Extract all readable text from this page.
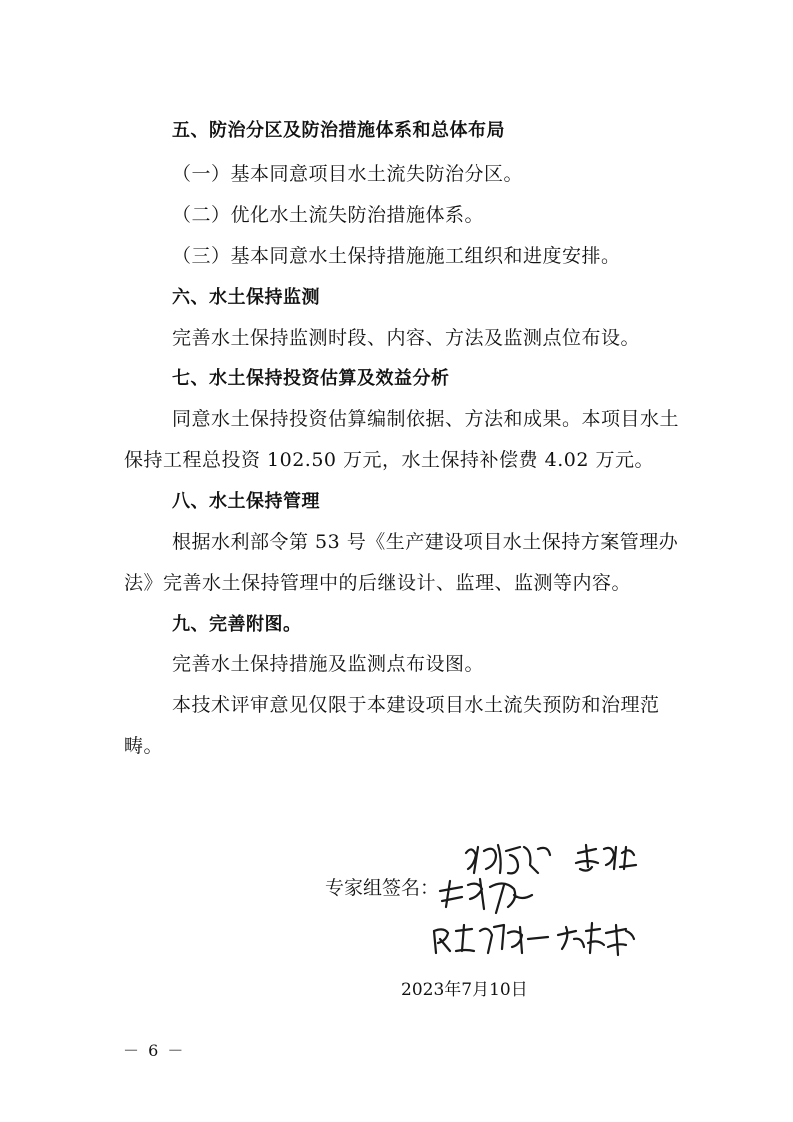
五、防治分区及防治措施体系和总体布局
（一）基本同意项目水土流失防治分区。
（二）优化水土流失防治措施体系。
（三）基本同意水土保持措施施工组织和进度安排。
六、水土保持监测
完善水土保持监测时段、内容、方法及监测点位布设。
七、水土保持投资估算及效益分析
同意水土保持投资估算编制依据、方法和成果。本项目水土
保持工程总投资 102.50 万元，水土保持补偿费 4.02 万元。
八、水土保持管理
根据水利部令第 53 号《生产建设项目水土保持方案管理办
法》完善水土保持管理中的后继设计、监理、监测等内容。
九、完善附图。
完善水土保持措施及监测点布设图。
本技术评审意见仅限于本建设项目水土流失预防和治理范
畴。
专家组签名：
2023年7月10日
－ 6 －
